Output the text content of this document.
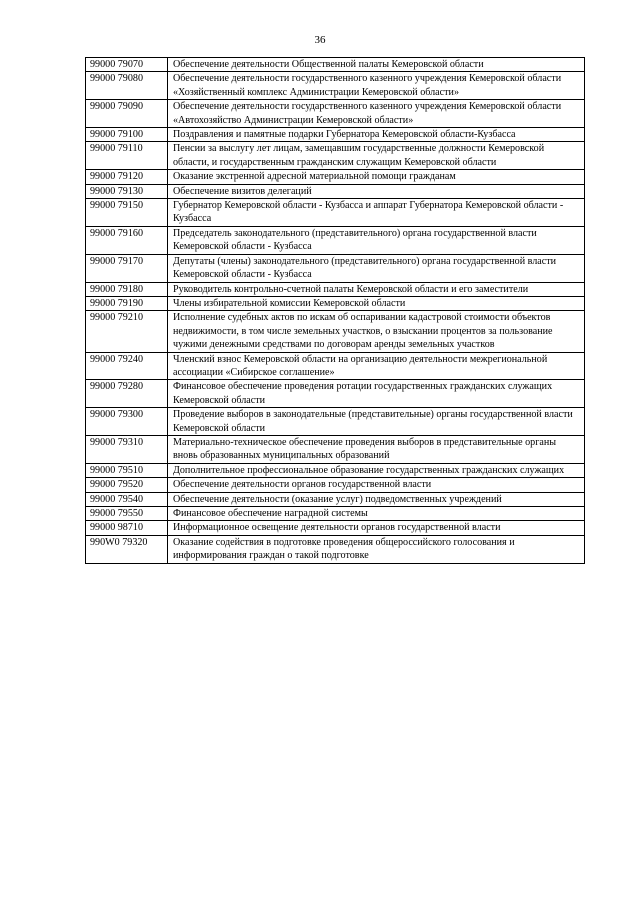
36
99000 79070	Обеспечение деятельности Общественной палаты Кемеровской области
99000 79080	Обеспечение деятельности государственного казенного учреждения Кемеровской области «Хозяйственный комплекс Администрации Кемеровской области»
99000 79090	Обеспечение деятельности государственного казенного учреждения Кемеровской области «Автохозяйство Администрации Кемеровской области»
99000 79100	Поздравления и памятные подарки Губернатора Кемеровской области-Кузбасса
99000 79110	Пенсии за выслугу лет лицам, замещавшим государственные должности Кемеровской области, и государственным гражданским служащим Кемеровской области
99000 79120	Оказание экстренной адресной материальной помощи гражданам
99000 79130	Обеспечение визитов делегаций
99000 79150	Губернатор Кемеровской области - Кузбасса и аппарат Губернатора Кемеровской области - Кузбасса
99000 79160	Председатель законодательного (представительного) органа государственной власти Кемеровской области - Кузбасса
99000 79170	Депутаты (члены) законодательного (представительного) органа государственной власти Кемеровской области - Кузбасса
99000 79180	Руководитель контрольно-счетной палаты Кемеровской области и его заместители
99000 79190	Члены избирательной комиссии Кемеровской области
99000 79210	Исполнение судебных актов по искам об оспаривании кадастровой стоимости объектов недвижимости, в том числе земельных участков, о взыскании процентов за пользование чужими денежными средствами по договорам аренды земельных участков
99000 79240	Членский взнос Кемеровской области на организацию деятельности межрегиональной ассоциации «Сибирское соглашение»
99000 79280	Финансовое обеспечение проведения ротации государственных гражданских служащих Кемеровской области
99000 79300	Проведение выборов в законодательные (представительные) органы государственной власти Кемеровской области
99000 79310	Материально-техническое обеспечение проведения выборов в представительные органы вновь образованных муниципальных образований
99000 79510	Дополнительное профессиональное образование государственных гражданских служащих
99000 79520	Обеспечение деятельности органов государственной власти
99000 79540	Обеспечение деятельности (оказание услуг) подведомственных учреждений
99000 79550	Финансовое обеспечение наградной системы
99000 98710	Информационное освещение деятельности органов государственной власти
990W0 79320	Оказание содействия в подготовке проведения общероссийского голосования и информирования граждан о такой подготовке
